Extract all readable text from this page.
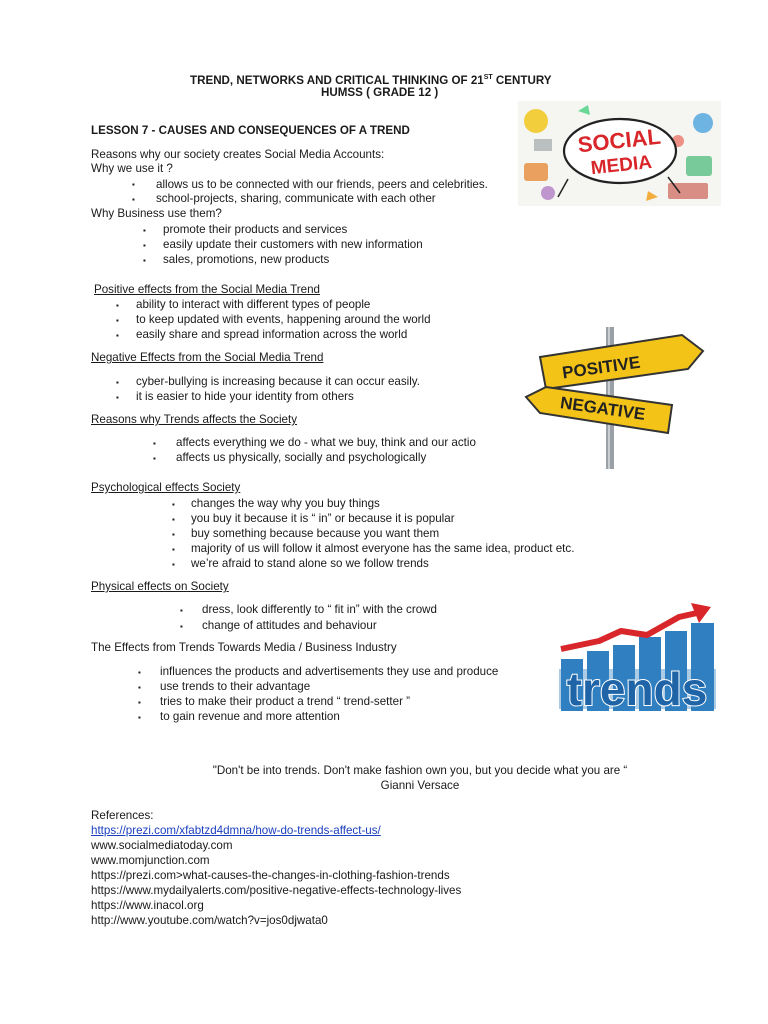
TREND, NETWORKS AND CRITICAL THINKING OF 21ST CENTURY
HUMSS ( GRADE 12 )
LESSON 7 - CAUSES AND CONSEQUENCES OF A TREND
Reasons why our society creates Social Media Accounts:
Why we use it ?
▪ allows us to be connected with our friends, peers and celebrities.
▪ school-projects, sharing, communicate with each other
Why Business use them?
▪ promote their products and services
▪ easily update their customers with new information
▪ sales, promotions, new products
Positive effects from the Social Media Trend
▪ ability to interact with different types of people
▪ to keep updated with events, happening around the world
▪ easily share and spread information across the world
Negative Effects from the Social Media Trend
▪ cyber-bullying is increasing because it can occur easily.
▪ it is easier to hide your identity from others
Reasons why Trends affects the Society
▪ affects everything we do - what we buy, think and our actio
▪ affects us physically, socially and psychologically
Psychological effects Society
▪ changes the way why you buy things
▪ you buy it because it is “ in” or because it is popular
▪ buy something because because you want them
▪ majority of us will follow it almost everyone has the same idea, product etc.
▪ we’re afraid to stand alone so we follow trends
Physical effects on Society
▪ dress, look differently to “ fit in” with the crowd
▪ change of attitudes and behaviour
The Effects from Trends Towards Media / Business Industry
▪ influences the products and advertisements they use and produce
▪ use trends to their advantage
▪ tries to make their product a trend “ trend-setter ”
▪ to gain revenue and more attention
"Don't be into trends. Don't make fashion own you, but you decide what you are “
Gianni Versace
References:
https://prezi.com/xfabtzd4dmna/how-do-trends-affect-us/
www.socialmediatoday.com
www.momjunction.com
https://prezi.com>what-causes-the-changes-in-clothing-fashion-trends
https://www.mydailyalerts.com/positive-negative-effects-technology-lives
https://www.inacol.org
http://www.youtube.com/watch?v=jos0djwata0
SOCIAL
MEDIA
POSITIVE
NEGATIVE
trends
